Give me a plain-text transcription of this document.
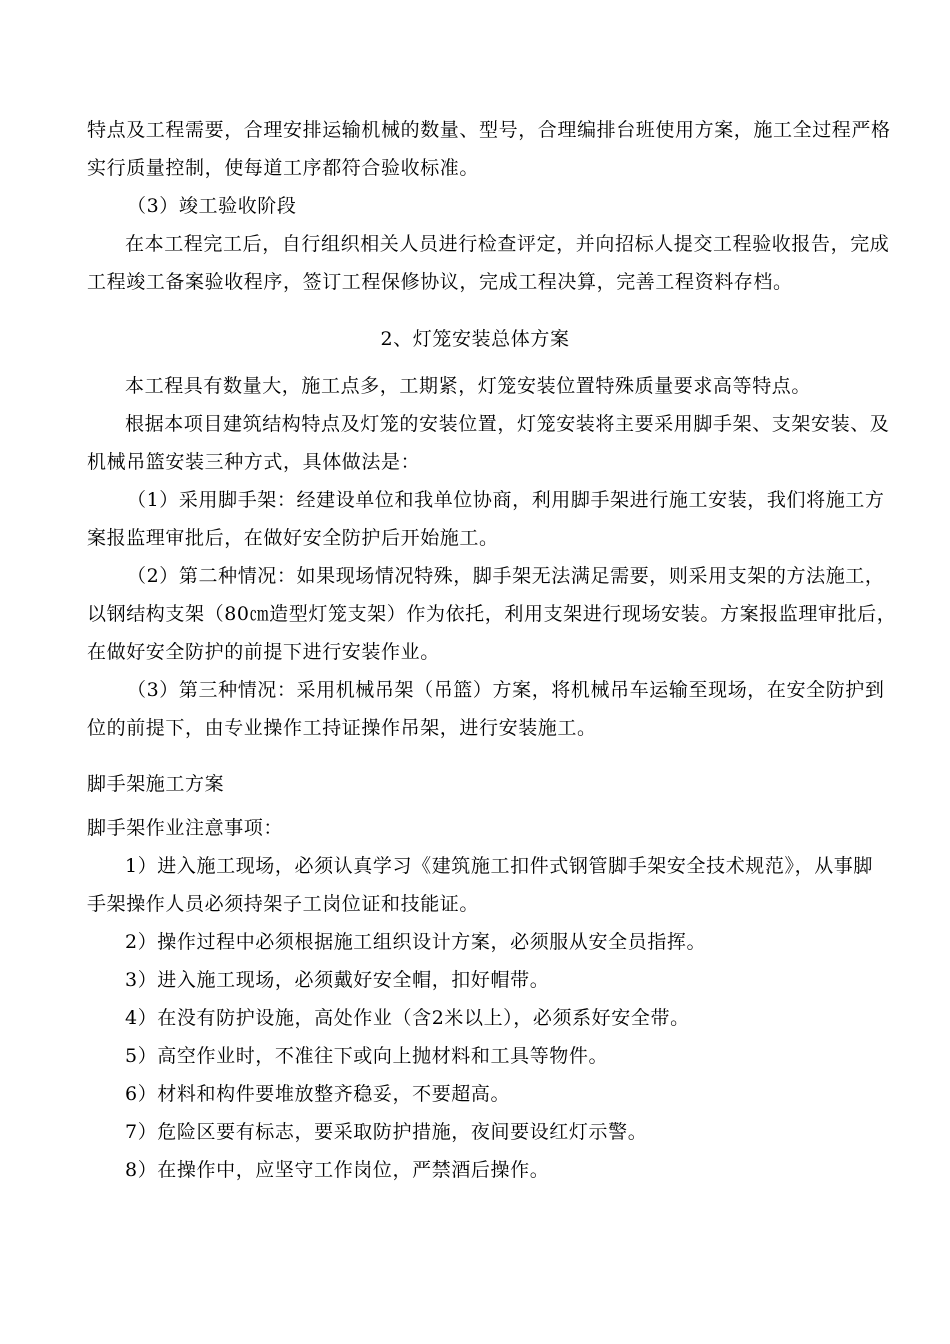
特点及工程需要，合理安排运输机械的数量、型号，合理编排台班使用方案，施工全过程严格
实行质量控制，使每道工序都符合验收标准。
（3）竣工验收阶段
在本工程完工后，自行组织相关人员进行检查评定，并向招标人提交工程验收报告，完成
工程竣工备案验收程序，签订工程保修协议，完成工程决算，完善工程资料存档。
2、灯笼安装总体方案
本工程具有数量大，施工点多，工期紧，灯笼安装位置特殊质量要求高等特点。
根据本项目建筑结构特点及灯笼的安装位置，灯笼安装将主要采用脚手架、支架安装、及
机械吊篮安装三种方式，具体做法是：
（1）采用脚手架：经建设单位和我单位协商，利用脚手架进行施工安装，我们将施工方
案报监理审批后，在做好安全防护后开始施工。
（2）第二种情况：如果现场情况特殊，脚手架无法满足需要，则采用支架的方法施工，
以钢结构支架（80㎝造型灯笼支架）作为依托，利用支架进行现场安装。方案报监理审批后，
在做好安全防护的前提下进行安装作业。
（3）第三种情况：采用机械吊架（吊篮）方案，将机械吊车运输至现场，在安全防护到
位的前提下，由专业操作工持证操作吊架，进行安装施工。
脚手架施工方案
脚手架作业注意事项：
1）进入施工现场，必须认真学习《建筑施工扣件式钢管脚手架安全技术规范》，从事脚
手架操作人员必须持架子工岗位证和技能证。
2）操作过程中必须根据施工组织设计方案，必须服从安全员指挥。
3）进入施工现场，必须戴好安全帽，扣好帽带。
4）在没有防护设施，高处作业（含2米以上），必须系好安全带。
5）高空作业时，不准往下或向上抛材料和工具等物件。
6）材料和构件要堆放整齐稳妥，不要超高。
7）危险区要有标志，要采取防护措施，夜间要设红灯示警。
8）在操作中，应坚守工作岗位，严禁酒后操作。
